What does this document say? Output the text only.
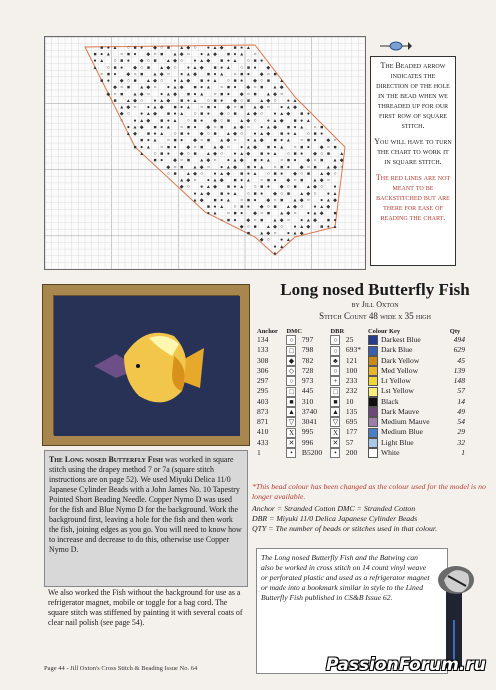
■ ● ▲ ○ ■ ● ◆ ○ ■ ▲ ◆ ○ ● ▲ ◆ ■ ● ▲
■ ● ▲ ○ ■ ● ◆ ○ ■ ▲ ◆ ○ ● ▲ ◆ ■ ● ▲ ○
● ▲ ○ ■ ● ◆ ○ ■ ▲ ◆ ○ ● ▲ ◆ ■ ● ▲ ○ ■ ●
▲ ○ ■ ● ◆ ○ ■ ▲ ◆ ○ ● ▲ ◆ ■ ● ▲ ○ ■ ● ◆
○ ■ ● ◆ ○ ■ ▲ ◆ ○ ● ▲ ◆ ■ ● ▲ ○ ■ ● ◆ ○ ■
■ ● ◆ ○ ■ ▲ ◆ ○ ● ▲ ◆ ■ ● ▲ ○ ■ ● ◆ ○ ■ ▲
◆ ○ ■ ▲ ◆ ○ ● ▲ ◆ ■ ● ▲ ○ ■ ● ◆ ○ ■ ▲ ◆
◆ ○ ■ ▲ ◆ ○ ● ▲ ◆ ■ ● ▲ ○ ■ ● ◆ ○ ■ ▲ ◆ ○
■ ▲ ◆ ○ ● ▲ ◆ ■ ● ▲ ○ ■ ● ◆ ○ ■ ▲ ◆ ○ ● ▲
▲ ◆ ○ ● ▲ ◆ ■ ● ▲ ○ ■ ● ◆ ○ ■ ▲ ◆ ○ ● ▲ ◆
◆ ○ ● ▲ ◆ ■ ● ▲ ○ ■ ● ◆ ○ ■ ▲ ◆ ○ ● ▲ ◆ ■ ●
○ ● ▲ ◆ ■ ● ▲ ○ ■ ● ◆ ○ ■ ▲ ◆ ○ ● ▲ ◆ ■ ● ▲
● ▲ ◆ ■ ● ▲ ○ ■ ● ◆ ○ ■ ▲ ◆ ○ ● ▲ ◆ ■ ● ▲ ○ ■
▲ ◆ ■ ● ▲ ○ ■ ● ◆ ○ ■ ▲ ◆ ○ ● ▲ ◆ ■ ● ▲ ○ ■ ●
■ ● ▲ ○ ■ ● ◆ ○ ■ ▲ ◆ ○ ● ▲ ◆ ■ ● ▲ ○ ■ ● ◆ ○
■ ● ▲ ○ ■ ● ◆ ○ ■ ▲ ◆ ○ ● ▲ ◆ ■ ● ▲ ○ ■ ● ◆ ○ ■
▲ ○ ■ ● ◆ ○ ■ ▲ ◆ ○ ● ▲ ◆ ■ ● ▲ ○ ■ ● ◆ ○ ■ ▲
■ ● ◆ ○ ■ ▲ ◆ ○ ● ▲ ◆ ■ ● ▲ ○ ■ ● ◆ ○ ■ ▲ ◆
◆ ○ ■ ▲ ◆ ○ ● ▲ ◆ ■ ● ▲ ○ ■ ● ◆ ○ ■ ▲ ◆ ○
○ ■ ▲ ◆ ○ ● ▲ ◆ ■ ● ▲ ○ ■ ● ◆ ○ ■ ▲ ◆ ○
▲ ◆ ○ ● ▲ ◆ ■ ● ▲ ○ ■ ● ◆ ○ ■ ▲ ◆ ○
◆ ○ ● ▲ ◆ ■ ● ▲ ○ ■ ● ◆ ○ ■ ▲ ◆ ○ ●
● ▲ ◆ ■ ● ▲ ○ ■ ● ◆ ○ ■ ▲ ◆ ○ ● ▲
▲ ◆ ■ ● ▲ ○ ■ ● ◆ ○ ■ ▲ ◆ ○ ● ▲ ◆
■ ● ▲ ○ ■ ● ◆ ○ ■ ▲ ◆ ○ ● ▲ ◆
● ▲ ○ ■ ● ◆ ○ ■ ▲ ◆ ○ ● ▲ ◆ ■
○ ■ ● ◆ ○ ■ ▲ ◆ ○ ● ▲ ◆ ■ ●
◆ ○ ■ ▲ ◆ ○ ● ▲ ◆ ■ ● ▲
■ ▲ ◆ ○ ● ▲ ◆
◆ ○ ● ▲
● ▲
▲

The Beaded arrow indicates the direction of the hole in the bead when we threaded up for our first row of square stitch.

You will have to turn the chart to work it in square stitch.

The red lines are not meant to be backstitched but are there for ease of reading the chart.

Long nosed Butterfly Fish
by Jill Oxton
Stitch Count 48 wide x 35 high
Anchor	DMC		DBR		Colour Key	Qty
134	○	797	○	25	Darkest Blue	494
133	□	798	○	693*	Dark Blue	629
308	◆	782	♣	121	Dark Yellow	45
306	◇	728	○	100	Med Yellow	139
297	○	973	+	233	Lt Yellow	148
295	□	445	□	232	Lst Yellow	57
403	■	310	■	10	Black	14
873	▲	3740	▲	135	Dark Mauve	49
871	▽	3041	▽	695	Medium Mauve	54
410	X	995	X	177	Medium Blue	29
433	✕	996	✕	57	Light Blue	32
1	•	B5200	•	200	White	1
*This bead colour has been changed as the colour used for the model is no longer available.
Anchor = Stranded Cotton DMC = Stranded Cotton
DBR = Miyuki 11/0 Delica Japanese Cylinder Beads
QTY = The number of beads or stitches used in that colour.
The Long nosed Butterfly Fish was worked in square stitch using the drapey method 7 or 7a (square stitch instructions are on page 52). We used Miyuki Delica 11/0 Japanese Cylinder Beads with a John James No. 10 Tapestry Pointed Short Beading Needle. Copper Nymo D was used for the fish and Blue Nymo D for the background. Work the background first, leaving a hole for the fish and then work the fish, joining edges as you go. You will need to know how to increase and decrease to do this, otherwise use Copper Nymo D.
We also worked the Fish without the background for use as a refrigerator magnet, mobile or toggle for a bag cord. The square stitch was stiffened by painting it with several coats of clear nail polish (see page 54).
The Long nosed Butterfly Fish and the Batwing can also be worked in cross stitch on 14 count vinyl weave or perforated plastic and used as a refrigerator magnet or made into a bookmark similar in style to the Lined Butterfly Fish published in CS&B Issue 62.
Page 44 - Jill Oxton's Cross Stitch & Beading Issue No. 64	PassionForum.ru
